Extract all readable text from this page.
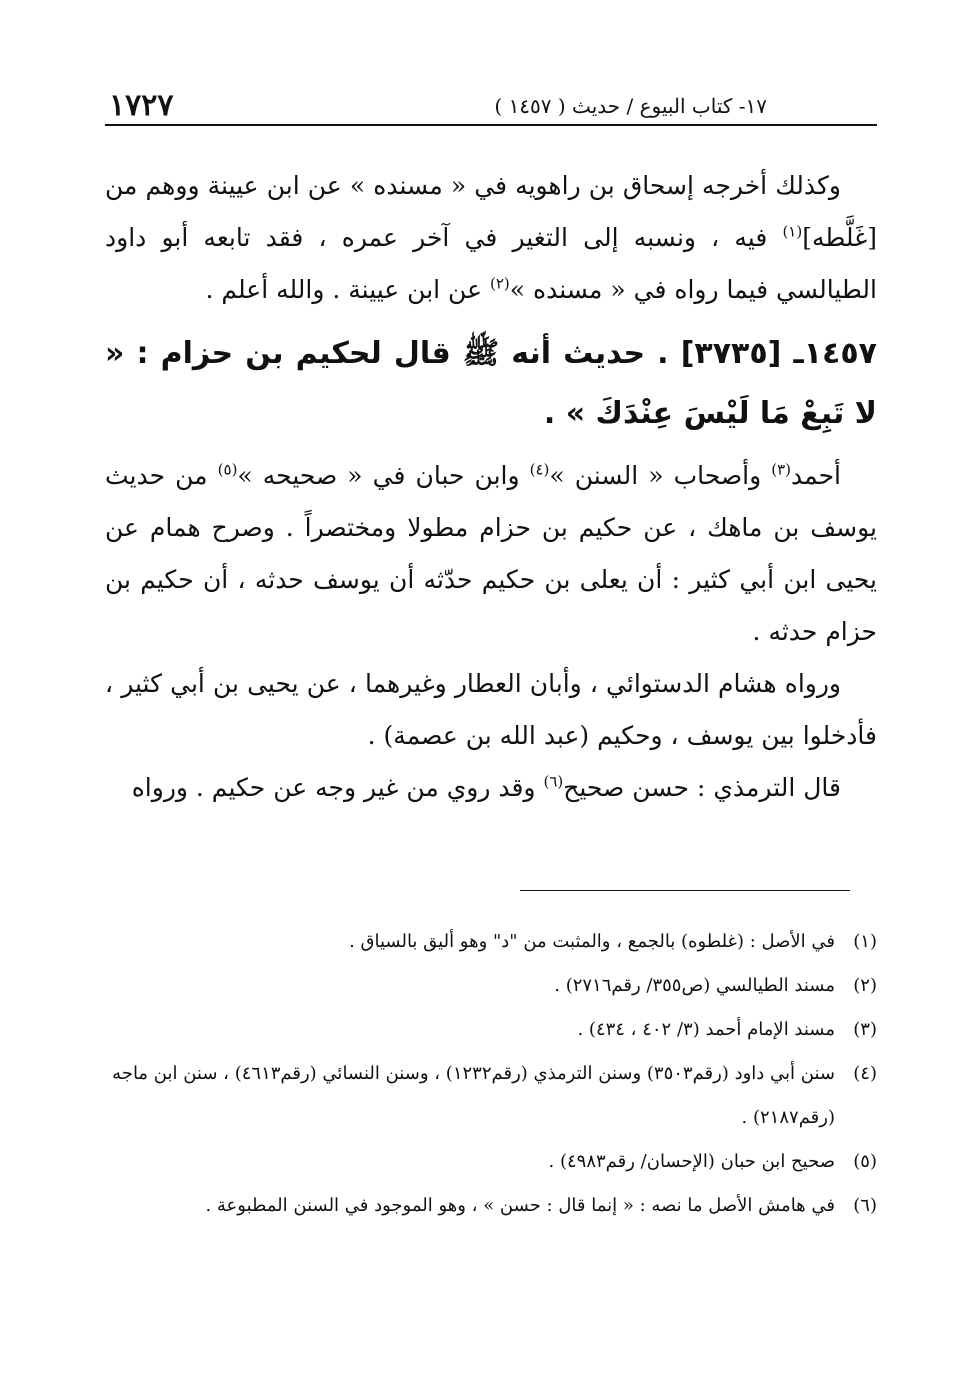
١٧- كتاب البيوع / حديث ( ١٤٥٧ )
١٧٢٧

وكذلك أخرجه إسحاق بن راهويه في « مسنده » عن ابن عيينة ووهم من [غَلَّطه]$^{(١)}$ فيه ، ونسبه إلى التغير في آخر عمره ، فقد تابعه أبو داود الطيالسي فيما رواه في « مسنده »$^{(٢)}$ عن ابن عيينة . والله أعلم .

١٤٥٧ـ [٣٧٣٥] . حديث أنه ﷺ قال لحكيم بن حزام : « لا تَبِعْ مَا لَيْسَ عِنْدَكَ » .

أحمد$^{(٣)}$ وأصحاب « السنن »$^{(٤)}$ وابن حبان في « صحيحه »$^{(٥)}$ من حديث يوسف بن ماهك ، عن حكيم بن حزام مطولا ومختصراً . وصرح همام عن يحيى ابن أبي كثير : أن يعلى بن حكيم حدّثه أن يوسف حدثه ، أن حكيم بن حزام حدثه .

ورواه هشام الدستوائي ، وأبان العطار وغيرهما ، عن يحيى بن أبي كثير ، فأدخلوا بين يوسف ، وحكيم (عبد الله بن عصمة) .

قال الترمذي : حسن صحيح$^{(٦)}$ وقد روي من غير وجه عن حكيم . ورواه

(١)
في الأصل : (غلطوه) بالجمع ، والمثبت من "د" وهو أليق بالسياق .
(٢)
مسند الطيالسي (ص٣٥٥/ رقم٢٧١٦) .
(٣)
مسند الإمام أحمد (٣/ ٤٠٢ ، ٤٣٤) .
(٤)
سنن أبي داود (رقم٣٥٠٣) وسنن الترمذي (رقم١٢٣٢) ، وسنن النسائي (رقم٤٦١٣) ، سنن ابن ماجه (رقم٢١٨٧) .
(٥)
صحيح ابن حبان (الإحسان/ رقم٤٩٨٣) .
(٦)
في هامش الأصل ما نصه : « إنما قال : حسن » ، وهو الموجود في السنن المطبوعة .
